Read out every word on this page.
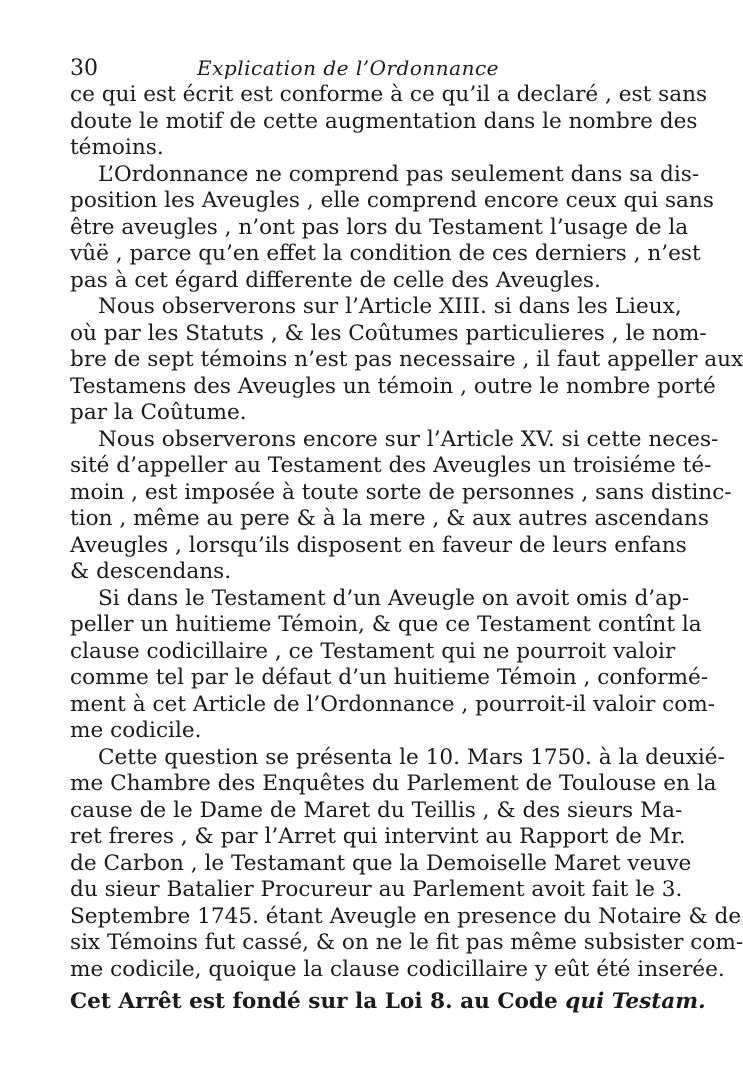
30	Explication de l’Ordonnance
ce qui est écrit est conforme à ce qu’il a declaré , est sans
doute le motif de cette augmentation dans le nombre des
témoins.
L’Ordonnance ne comprend pas seulement dans sa dis-
position les Aveugles , elle comprend encore ceux qui sans
être aveugles , n’ont pas lors du Testament l’usage de la
vûë , parce qu’en effet la condition de ces derniers , n’est
pas à cet égard differente de celle des Aveugles.
Nous observerons sur l’Article XIII. si dans les Lieux,
où par les Statuts , & les Coûtumes particulieres , le nom-
bre de sept témoins n’est pas necessaire , il faut appeller aux
Testamens des Aveugles un témoin , outre le nombre porté
par la Coûtume.
Nous observerons encore sur l’Article XV. si cette neces-
sité d’appeller au Testament des Aveugles un troisiéme té-
moin , est imposée à toute sorte de personnes , sans distinc-
tion , même au pere & à la mere , & aux autres ascendans
Aveugles , lorsqu’ils disposent en faveur de leurs enfans
& descendans.
Si dans le Testament d’un Aveugle on avoit omis d’ap-
peller un huitieme Témoin, & que ce Testament contînt la
clause codicillaire , ce Testament qui ne pourroit valoir
comme tel par le défaut d’un huitieme Témoin , conformé-
ment à cet Article de l’Ordonnance , pourroit-il valoir com-
me codicile.
Cette question se présenta le 10. Mars 1750. à la deuxié-
me Chambre des Enquêtes du Parlement de Toulouse en la
cause de le Dame de Maret du Teillis , & des sieurs Ma-
ret freres , & par l’Arret qui intervint au Rapport de Mr.
de Carbon , le Testamant que la Demoiselle Maret veuve
du sieur Batalier Procureur au Parlement avoit fait le 3.
Septembre 1745. étant Aveugle en presence du Notaire & de
six Témoins fut cassé, & on ne le fit pas même subsister com-
me codicile, quoique la clause codicillaire y eût été inserée.
Cet Arrêt est fondé sur la Loi 8. au Code qui Testam.
